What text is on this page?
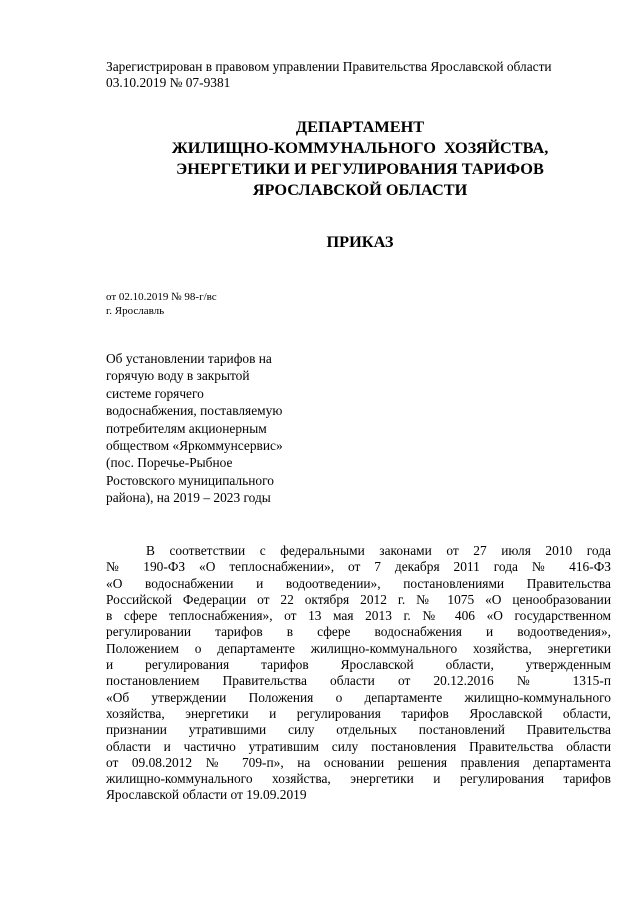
Зарегистрирован в правовом управлении Правительства Ярославской области
03.10.2019 № 07-9381
ДЕПАРТАМЕНТ
ЖИЛИЩНО-КОММУНАЛЬНОГО  ХОЗЯЙСТВА,
ЭНЕРГЕТИКИ И РЕГУЛИРОВАНИЯ ТАРИФОВ
ЯРОСЛАВСКОЙ ОБЛАСТИ
ПРИКАЗ
от 02.10.2019 № 98-г/вс
г. Ярославль
Об установлении тарифов на
горячую воду в закрытой
системе горячего
водоснабжения, поставляемую
потребителям акционерным
обществом «Яркоммунсервис»
(пос. Поречье-Рыбное
Ростовского муниципального
района), на 2019 – 2023 годы
В соответствии с федеральными законами от 27 июля 2010 года
№ 190-ФЗ «О теплоснабжении», от 7 декабря 2011 года № 416-ФЗ
«О водоснабжении и водоотведении», постановлениями Правительства
Российской Федерации от 22 октября 2012 г. № 1075 «О ценообразовании
в сфере теплоснабжения», от 13 мая 2013 г. № 406 «О государственном
регулировании тарифов в сфере водоснабжения и водоотведения»,
Положением о департаменте жилищно-коммунального хозяйства, энергетики
и регулирования тарифов Ярославской области, утвержденным
постановлением Правительства области от 20.12.2016 № 1315-п
«Об утверждении Положения о департаменте жилищно-коммунального
хозяйства, энергетики и регулирования тарифов Ярославской области,
признании утратившими силу отдельных постановлений Правительства
области и частично утратившим силу постановления Правительства области
от 09.08.2012 № 709-п», на основании решения правления департамента
жилищно-коммунального хозяйства, энергетики и регулирования тарифов
Ярославской области от 19.09.2019
